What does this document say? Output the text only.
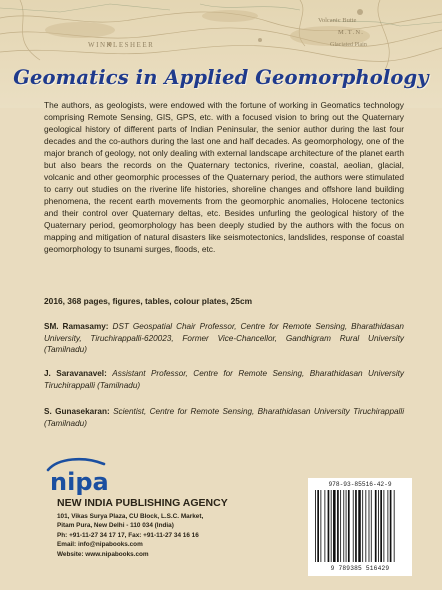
WINKLESHEER
Volcanic Butte
M.T.N.
Glaciated Plain
Geomatics in Applied Geomorphology
The authors, as geologists, were endowed with the fortune of working in Geomatics technology comprising Remote Sensing, GIS, GPS, etc. with a focused vision to bring out the Quaternary geological history of different parts of Indian Peninsular, the senior author during the last four decades and the co-authors during the last one and half decades. As geomorphology, one of the major branch of geology, not only dealing with external landscape architecture of the planet earth but also bears the records on the Quaternary tectonics, riverine, coastal, aeolian, glacial, volcanic and other geomorphic processes of the Quaternary period, the authors were stimulated to carry out studies on the riverine life histories, shoreline changes and offshore land building phenomena, the recent earth movements from the geomorphic anomalies, Holocene tectonics and their control over Quaternary deltas, etc. Besides unfurling the geological history of the Quaternary period, geomorphology has been deeply studied by the authors with the focus on mapping and mitigation of natural disasters like seismotectonics, landslides, response of coastal geomorphology to tsunami surges, floods, etc.
2016, 368 pages, figures, tables, colour plates, 25cm
SM. Ramasamy: DST Geospatial Chair Professor, Centre for Remote Sensing, Bharathidasan University, Tiruchirappalli-620023, Former Vice-Chancellor, Gandhigram Rural University (Tamilnadu)
J. Saravanavel: Assistant Professor, Centre for Remote Sensing, Bharathidasan University Tiruchirappalli (Tamilnadu)
S. Gunasekaran: Scientist, Centre for Remote Sensing, Bharathidasan University Tiruchirappalli (Tamilnadu)
nipa
NEW INDIA PUBLISHING AGENCY
101, Vikas Surya Plaza, CU Block, L.S.C. Market,
Pitam Pura, New Delhi - 110 034 (India)
Ph: +91-11-27 34 17 17, Fax: +91-11-27 34 16 16
Email: info@nipabooks.com
Website: www.nipabooks.com
978-93-85516-42-9
9 789385 516429
